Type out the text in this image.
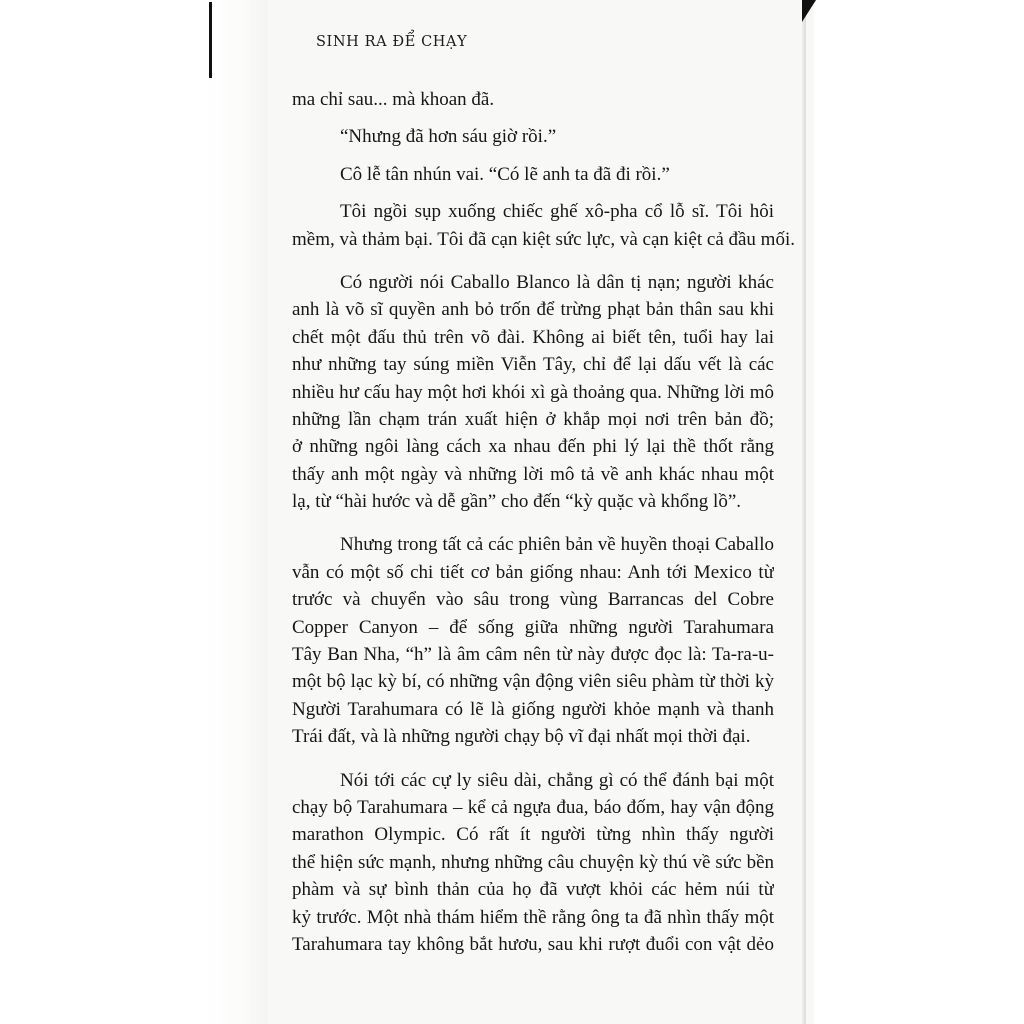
SINH RA ĐỂ CHẠY
ma chỉ sau... mà khoan đã.
“Nhưng đã hơn sáu giờ rồi.”
Cô lễ tân nhún vai. “Có lẽ anh ta đã đi rồi.”
Tôi ngồi sụp xuống chiếc ghế xô-pha cổ lỗ sĩ. Tôi hôi
mềm, và thảm bại. Tôi đã cạn kiệt sức lực, và cạn kiệt cả đầu mối.
Có người nói Caballo Blanco là dân tị nạn; người khác
anh là võ sĩ quyền anh bỏ trốn để trừng phạt bản thân sau khi
chết một đấu thủ trên võ đài. Không ai biết tên, tuổi hay lai
như những tay súng miền Viễn Tây, chỉ để lại dấu vết là các
nhiều hư cấu hay một hơi khói xì gà thoảng qua. Những lời mô
những lần chạm trán xuất hiện ở khắp mọi nơi trên bản đồ;
ở những ngôi làng cách xa nhau đến phi lý lại thề thốt rằng
thấy anh một ngày và những lời mô tả về anh khác nhau một
lạ, từ “hài hước và dễ gần” cho đến “kỳ quặc và khổng lồ”.
Nhưng trong tất cả các phiên bản về huyền thoại Caballo
vẫn có một số chi tiết cơ bản giống nhau: Anh tới Mexico từ
trước và chuyển vào sâu trong vùng Barrancas del Cobre
Copper Canyon – để sống giữa những người Tarahumara
Tây Ban Nha, “h” là âm câm nên từ này được đọc là: Ta-ra-u-
một bộ lạc kỳ bí, có những vận động viên siêu phàm từ thời kỳ
Người Tarahumara có lẽ là giống người khỏe mạnh và thanh
Trái đất, và là những người chạy bộ vĩ đại nhất mọi thời đại.
Nói tới các cự ly siêu dài, chẳng gì có thể đánh bại một
chạy bộ Tarahumara – kể cả ngựa đua, báo đốm, hay vận động
marathon Olympic. Có rất ít người từng nhìn thấy người
thể hiện sức mạnh, nhưng những câu chuyện kỳ thú về sức bền
phàm và sự bình thản của họ đã vượt khỏi các hẻm núi từ
kỷ trước. Một nhà thám hiểm thề rằng ông ta đã nhìn thấy một
Tarahumara tay không bắt hươu, sau khi rượt đuổi con vật dẻo
